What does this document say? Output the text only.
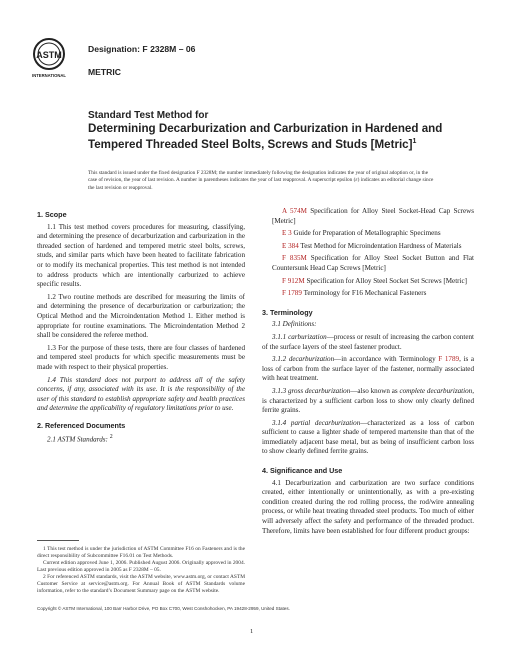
ASTM
INTERNATIONAL
Designation: F 2328M – 06
METRIC
Standard Test Method for
Determining Decarburization and Carburization in Hardened and Tempered Threaded Steel Bolts, Screws and Studs [Metric]$^1$
This standard is issued under the fixed designation F 2328M; the number immediately following the designation indicates the year of original adoption or, in the case of revision, the year of last revision. A number in parentheses indicates the year of last reapproval. A superscript epsilon (ε) indicates an editorial change since the last revision or reapproval.

1. Scope

1.1 This test method covers procedures for measuring, classifying, and determining the presence of decarburization and carburization in the threaded section of hardened and tempered metric steel bolts, screws, studs, and similar parts which have been heated to facilitate fabrication or to modify its mechanical properties. This test method is not intended to address products which are intentionally carburized to achieve specific results.

1.2 Two routine methods are described for measuring the limits of and determining the presence of decarburization or carburization; the Optical Method and the Microindentation Method 1. Either method is appropriate for routine examinations. The Microindentation Method 2 shall be considered the referee method.

1.3 For the purpose of these tests, there are four classes of hardened and tempered steel products for which specific measurements must be made with respect to their physical properties.

1.4 This standard does not purport to address all of the safety concerns, if any, associated with its use. It is the responsibility of the user of this standard to establish appropriate safety and health practices and determine the applicability of regulatory limitations prior to use.

2. Referenced Documents

2.1 ASTM Standards: $^2$

A 574M Specification for Alloy Steel Socket-Head Cap Screws [Metric]

E 3 Guide for Preparation of Metallographic Specimens

E 384 Test Method for Microindentation Hardness of Materials

F 835M Specification for Alloy Steel Socket Button and Flat Countersunk Head Cap Screws [Metric]

F 912M Specification for Alloy Steel Socket Set Screws [Metric]

F 1789 Terminology for F16 Mechanical Fasteners

3. Terminology

3.1 Definitions:

3.1.1 carburization—process or result of increasing the carbon content of the surface layers of the steel fastener product.

3.1.2 decarburization—in accordance with Terminology F 1789, is a loss of carbon from the surface layer of the fastener, normally associated with heat treatment.

3.1.3 gross decarburization—also known as complete decarburization, is characterized by a sufficient carbon loss to show only clearly defined ferrite grains.

3.1.4 partial decarburization—characterized as a loss of carbon sufficient to cause a lighter shade of tempered martensite than that of the immediately adjacent base metal, but as being of insufficient carbon loss to show clearly defined ferrite grains.

4. Significance and Use

4.1 Decarburization and carburization are two surface conditions created, either intentionally or unintentionally, as with a pre-existing condition created during the rod rolling process, the rod/wire annealing process, or while heat treating threaded steel products. Too much of either will adversely affect the safety and performance of the threaded product. Therefore, limits have been established for four different product groups:

1 This test method is under the jurisdiction of ASTM Committee F16 on Fasteners and is the direct responsibility of Subcommittee F16.01 on Test Methods.

Current edition approved June 1, 2006. Published August 2006. Originally approved in 2004. Last previous edition approved in 2005 as F 2328M – 05.

2 For referenced ASTM standards, visit the ASTM website, www.astm.org, or contact ASTM Customer Service at service@astm.org. For Annual Book of ASTM Standards volume information, refer to the standard’s Document Summary page on the ASTM website.

Copyright © ASTM International, 100 Barr Harbor Drive, PO Box C700, West Conshohocken, PA 19428-2959, United States.
1
